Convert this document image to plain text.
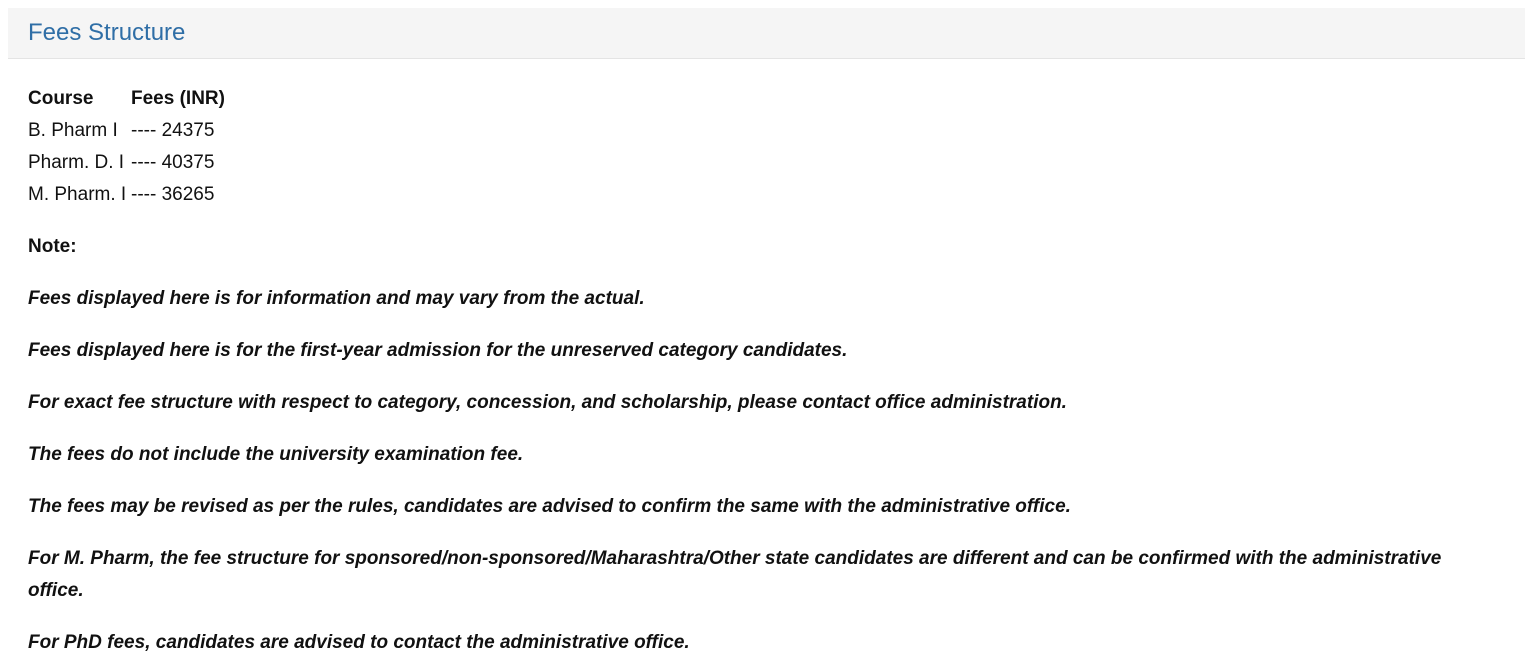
Fees Structure
Course	Fees (INR)
B. Pharm I	---- 24375
Pharm. D. I	---- 40375
M. Pharm. I	---- 36265

Note:

Fees displayed here is for information and may vary from the actual.
Fees displayed here is for the first-year admission for the unreserved category candidates.
For exact fee structure with respect to category, concession, and scholarship, please contact office administration.
The fees do not include the university examination fee.
The fees may be revised as per the rules, candidates are advised to confirm the same with the administrative office.
For M. Pharm, the fee structure for sponsored/non-sponsored/Maharashtra/Other state candidates are different and can be confirmed with the administrative office.
For PhD fees, candidates are advised to contact the administrative office.
